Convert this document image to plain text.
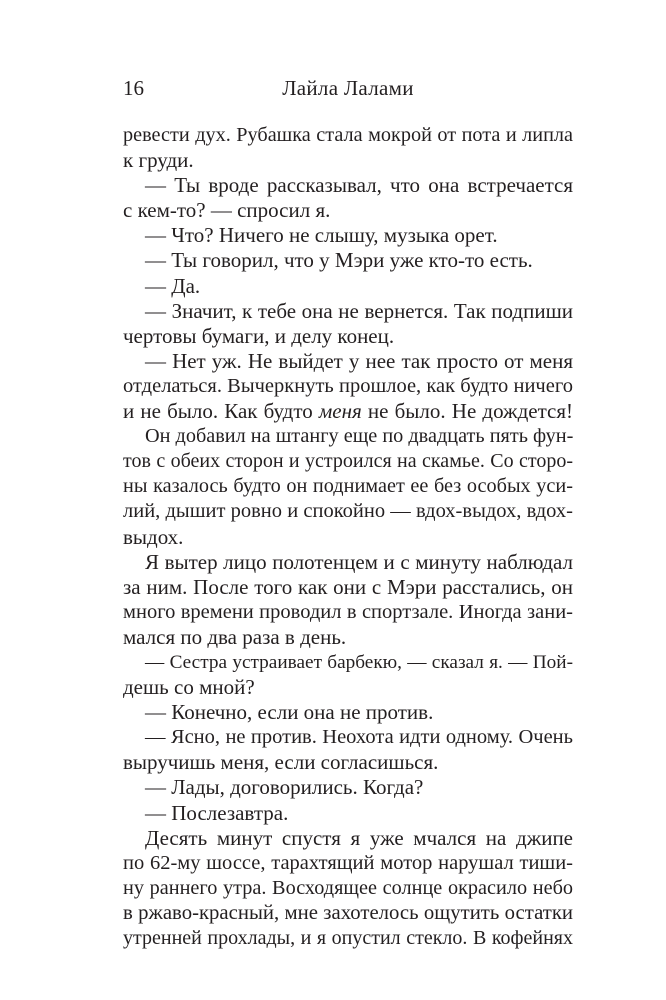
16	Лайла Лалами
ревести дух. Рубашка стала мокрой от пота и липла
к груди.
— Ты вроде рассказывал, что она встречается
с кем-то? — спросил я.
— Что? Ничего не слышу, музыка орет.
— Ты говорил, что у Мэри уже кто-то есть.
— Да.
— Значит, к тебе она не вернется. Так подпиши
чертовы бумаги, и делу конец.
— Нет уж. Не выйдет у нее так просто от меня
отделаться. Вычеркнуть прошлое, как будто ничего
и не было. Как будто меня не было. Не дождется!
Он добавил на штангу еще по двадцать пять фун-
тов с обеих сторон и устроился на скамье. Со сторо-
ны казалось будто он поднимает ее без особых уси-
лий, дышит ровно и спокойно — вдох-выдох, вдох-
выдох.
Я вытер лицо полотенцем и с минуту наблюдал
за ним. После того как они с Мэри расстались, он
много времени проводил в спортзале. Иногда зани-
мался по два раза в день.
— Сестра устраивает барбекю, — сказал я. — Пой-
дешь со мной?
— Конечно, если она не против.
— Ясно, не против. Неохота идти одному. Очень
выручишь меня, если согласишься.
— Лады, договорились. Когда?
— Послезавтра.
Десять минут спустя я уже мчался на джипе
по 62-му шоссе, тарахтящий мотор нарушал тиши-
ну раннего утра. Восходящее солнце окрасило небо
в ржаво-красный, мне захотелось ощутить остатки
утренней прохлады, и я опустил стекло. В кофейнях
